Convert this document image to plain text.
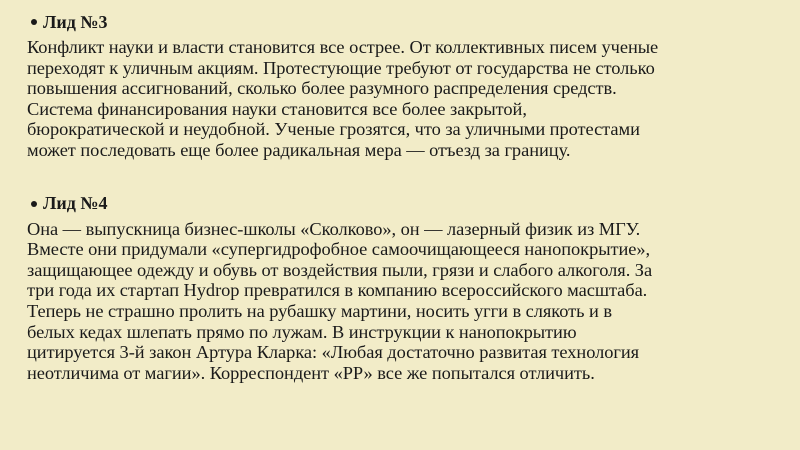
Лид №3
Конфликт науки и власти становится все острее. От коллективных писем ученые
переходят к уличным акциям. Протестующие требуют от государства не столько
повышения ассигнований, сколько более разумного распределения средств.
Система финансирования науки становится все более закрытой,
бюрократической и неудобной. Ученые грозятся, что за уличными протестами
может последовать еще более радикальная мера — отъезд за границу.
Лид №4
Она — выпускница бизнес-школы «Сколково», он — лазерный физик из МГУ.
Вместе они придумали «супергидрофобное самоочищающееся нанопокрытие»,
защищающее одежду и обувь от воздействия пыли, грязи и слабого алкоголя. За
три года их стартап Hydrop превратился в компанию всероссийского масштаба.
Теперь не страшно пролить на рубашку мартини, носить угги в слякоть и в
белых кедах шлепать прямо по лужам. В инструкции к нанопокрытию
цитируется 3-й закон Артура Кларка: «Любая достаточно развитая технология
неотличима от магии». Корреспондент «РР» все же попытался отличить.
